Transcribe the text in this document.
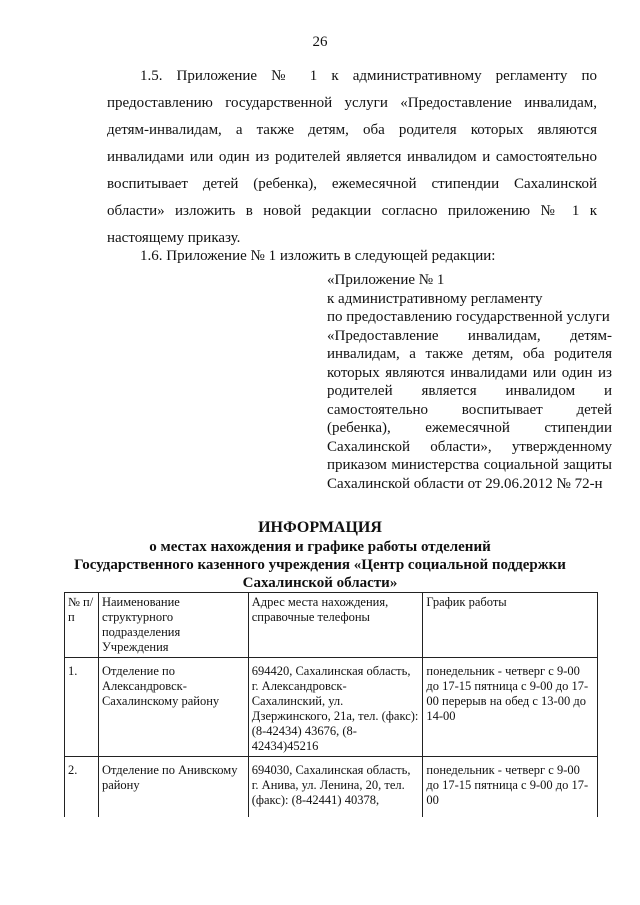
26
1.5. Приложение № 1 к административному регламенту по предоставлению государственной услуги «Предоставление инвалидам, детям-инвалидам, а также детям, оба родителя которых являются инвалидами или один из родителей является инвалидом и самостоятельно воспитывает детей (ребенка), ежемесячной стипендии Сахалинской области» изложить в новой редакции согласно приложению № 1 к настоящему приказу.
1.6. Приложение № 1 изложить в следующей редакции:
«Приложение № 1
к административному регламенту
по предоставлению государственной услуги
«Предоставление инвалидам, детям-инвалидам, а также детям, оба родителя которых являются инвалидами или один из родителей является инвалидом и самостоятельно воспитывает детей (ребенка), ежемесячной стипендии Сахалинской области», утвержденному приказом министерства социальной защиты Сахалинской области от 29.06.2012 № 72-н
ИНФОРМАЦИЯ
о местах нахождения и графике работы отделений
Государственного казенного учреждения «Центр социальной поддержки Сахалинской области»
№ п/п	Наименование структурного подразделения Учреждения	Адрес места нахождения, справочные телефоны	График работы
1.	Отделение по Александровск-Сахалинскому району	694420, Сахалинская область, г. Александровск-Сахалинский, ул. Дзержинского, 21а, тел. (факс): (8-42434) 43676, (8-42434)45216	понедельник - четверг с 9-00 до 17-15 пятница с 9-00 до 17-00 перерыв на обед с 13-00 до 14-00
2.	Отделение по Анивскому району	694030, Сахалинская область, г. Анива, ул. Ленина, 20, тел. (факс): (8-42441) 40378,	понедельник - четверг с 9-00 до 17-15 пятница с 9-00 до 17-00
